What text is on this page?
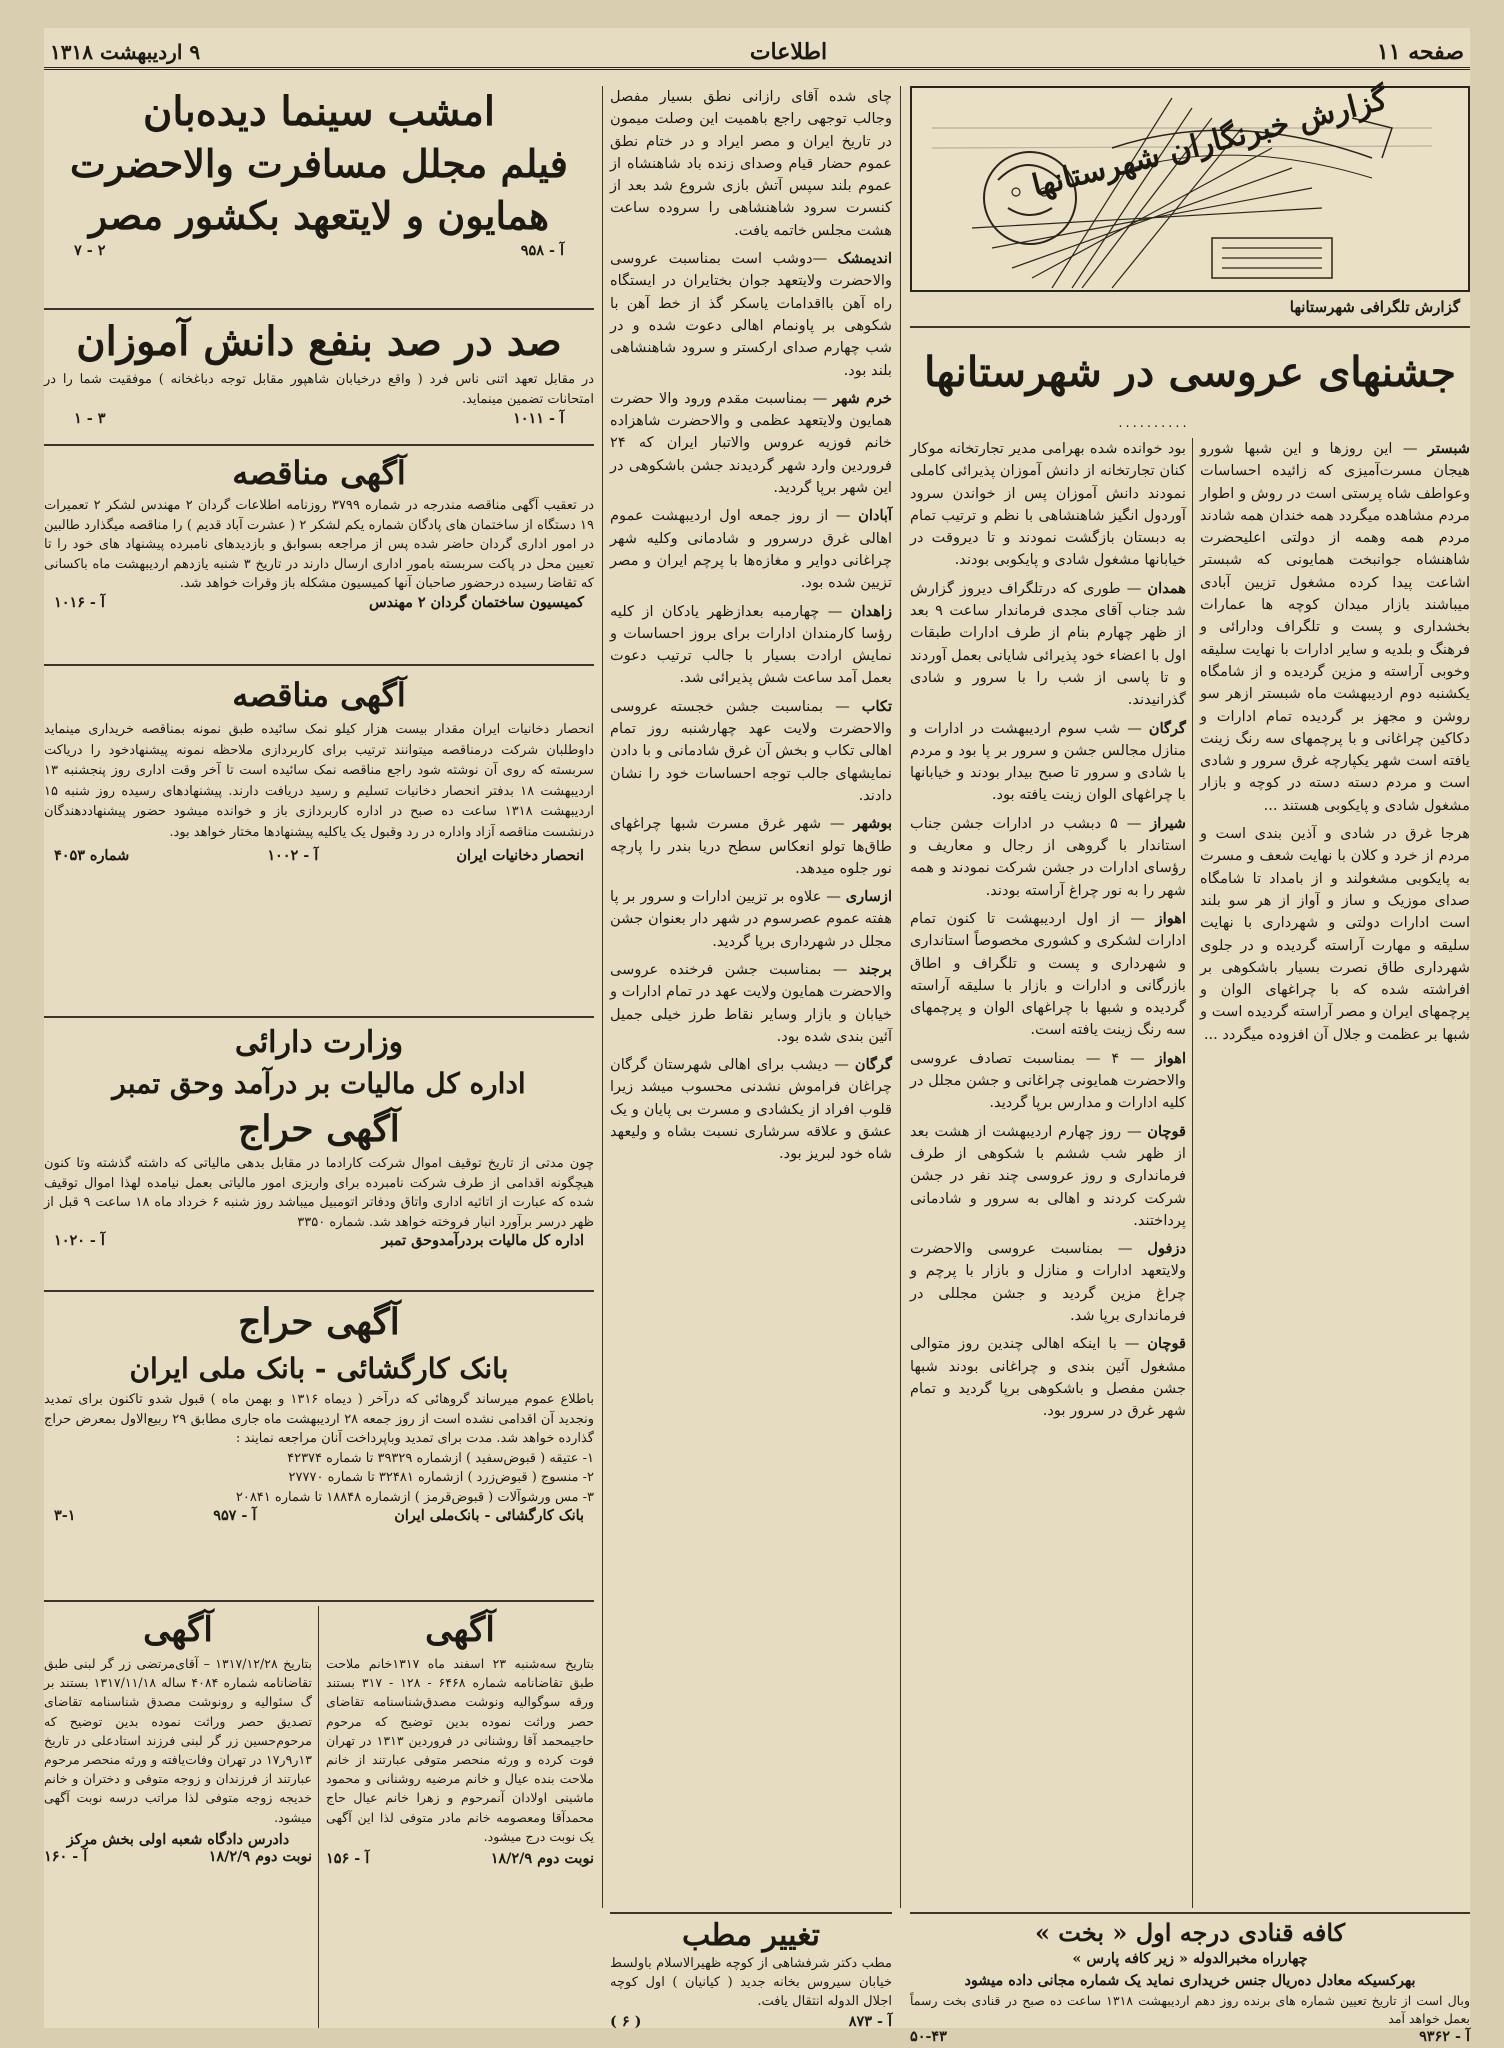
صفحه ۱۱
اطلاعات
۹ اردیبهشت ۱۳۱۸
گزارش خبرنگاران شهرستانها
گزارش تلگرافی شهرستانها
جشنهای عروسی در شهرستانها
..........

شبستر — این روزها و این شبها شورو هیجان مسرت‌آمیزی که زائیده احساسات وعواطف شاه پرستی است در روش و اطوار مردم مشاهده میگردد همه خندان همه شادند مردم همه وهمه از دولتی اعلیحضرت شاهنشاه جوانبخت همایونی که شبستر اشاعت پیدا کرده مشغول تزیین آبادی میباشند بازار میدان کوچه ها عمارات بخشداری و پست و تلگراف ودارائی و فرهنگ و بلدیه و سایر ادارات با نهایت سلیقه وخوبی آراسته و مزین گردیده و از شامگاه یکشنبه دوم اردیبهشت ماه شبستر ازهر سو روشن و مجهز بر گردیده تمام ادارات و دکاکین چراغانی و با پرچمهای سه رنگ زینت یافته است شهر یکپارچه غرق سرور و شادی است و مردم دسته دسته در کوچه و بازار مشغول شادی و پایکوبی هستند ...

هرجا غرق در شادی و آذین بندی است و مردم از خرد و کلان با نهایت شعف و مسرت به پایکوبی مشغولند و از بامداد تا شامگاه صدای موزیک و ساز و آواز از هر سو بلند است ادارات دولتی و شهرداری با نهایت سلیقه و مهارت آراسته گردیده و در جلوی شهرداری طاق نصرت بسیار باشکوهی بر افراشته شده که با چراغهای الوان و پرچمهای ایران و مصر آراسته گردیده است و شبها بر عظمت و جلال آن افزوده میگردد ...

بود خوانده شده بهرامی مدیر تجارتخانه موکار کنان تجارتخانه از دانش آموزان پذیرائی کاملی نمودند دانش آموزان پس از خواندن سرود آوردول انگیز شاهنشاهی با نظم و ترتیب تمام به دبستان بازگشت نمودند و تا دیروقت در خیابانها مشغول شادی و پایکوبی بودند.

همدان — طوری که درتلگراف دیروز گزارش شد جناب آقای مجدی فرماندار ساعت ۹ بعد از ظهر چهارم بنام از طرف ادارات طبقات اول با اعضاء خود پذیرائی شایانی بعمل آوردند و تا پاسی از شب را با سرور و شادی گذرانیدند.

گرگان — شب سوم اردیبهشت در ادارات و منازل مجالس جشن و سرور بر پا بود و مردم با شادی و سرور تا صبح بیدار بودند و خیابانها با چراغهای الوان زینت یافته بود.

شیراز — ۵ دبشب در ادارات جشن جناب استاندار با گروهی از رجال و معاریف و رؤسای ادارات در جشن شرکت نمودند و همه شهر را به نور چراغ آراسته بودند.

اهواز — از اول اردیبهشت تا کنون تمام ادارات لشکری و کشوری مخصوصاً استانداری و شهرداری و پست و تلگراف و اطاق بازرگانی و ادارات و بازار با سلیقه آراسته گردیده و شبها با چراغهای الوان و پرچمهای سه رنگ زینت یافته است.

اهواز — ۴ — بمناسبت تصادف عروسی والاحضرت همایونی چراغانی و جشن مجلل در کلیه ادارات و مدارس برپا گردید.

قوچان — روز چهارم اردیبهشت از هشت بعد از ظهر شب ششم با شکوهی از طرف فرمانداری و روز عروسی چند نفر در جشن شرکت کردند و اهالی به سرور و شادمانی پرداختند.

دزفول — بمناسبت عروسی والاحضرت ولایتعهد ادارات و منازل و بازار با پرچم و چراغ مزین گردید و جشن مجللی در فرمانداری برپا شد.

قوچان — با اینکه اهالی چندین روز متوالی مشغول آئین بندی و چراغانی بودند شبها جشن مفصل و باشکوهی برپا گردید و تمام شهر غرق در سرور بود.

چای شده آقای رازانی نطق بسیار مفصل وجالب توجهی راجع باهمیت این وصلت میمون در تاریخ ایران و مصر ایراد و در ختام نطق عموم حضار قیام وصدای زنده باد شاهنشاه از عموم بلند سپس آتش بازی شروع شد بعد از کنسرت سرود شاهنشاهی را سروده ساعت هشت مجلس خاتمه یافت.

اندیمشک —دوشب است بمناسبت عروسی والاحضرت ولایتعهد جوان بختایران در ایستگاه راه آهن بااقدامات یاسکر گذ از خط آهن با شکوهی بر پاونمام اهالی دعوت شده و در شب چهارم صدای ارکستر و سرود شاهنشاهی بلند بود.

خرم شهر — بمناسبت مقدم ورود والا حضرت همایون ولایتعهد عظمی و والاحضرت شاهزاده خانم فوزیه عروس والاتبار ایران که ۲۴ فروردین وارد شهر گردیدند جشن باشکوهی در این شهر برپا گردید.

آبادان — از روز جمعه اول اردیبهشت عموم اهالی غرق درسرور و شادمانی وکلیه شهر چراغانی دوایر و مغازه‌ها با پرچم ایران و مصر تزیین شده بود.

زاهدان — چهارمبه بعدازظهر یادکان از کلیه رؤسا کارمندان ادارات برای بروز احساسات و نمایش ارادت بسیار با جالب ترتیب دعوت بعمل آمد ساعت شش پذیرائی شد.

تکاب — بمناسبت جشن خجسته عروسی والاحضرت ولایت عهد چهارشنبه روز تمام اهالی تکاب و بخش آن غرق شادمانی و با دادن نمایشهای جالب توجه احساسات خود را نشان دادند.

بوشهر — شهر غرق مسرت شبها چراغهای طاق‌ها تولو انعکاس سطح دریا بندر را پارچه نور جلوه میدهد.

ازساری — علاوه بر تزیین ادارات و سرور بر پا هفته عموم عصرسوم در شهر دار بعنوان جشن مجلل در شهرداری برپا گردید.

برجند — بمناسبت جشن فرخنده عروسی والاحضرت همایون ولایت عهد در تمام ادارات و خیابان و بازار وسایر نقاط طرز خیلی جمیل آئین بندی شده بود.

گرگان — دیشب برای اهالی شهرستان گرگان چراغان فراموش نشدنی محسوب میشد زیرا قلوب افراد از یکشادی و مسرت بی پایان و یک عشق و علاقه سرشاری نسبت بشاه و ولیعهد شاه خود لبریز بود.

کافه قنادی درجه اول « بخت »
چهارراه مخبرالدوله « زیر کافه پارس »
بهرکسیکه معادل ده‌ریال جنس خریداری نماید یک شماره مجانی داده میشود
وبال است از تاریخ تعیین شماره های برنده روز دهم اردیبهشت ۱۳۱۸ ساعت ده صبح در قنادی بخت رسماً بعمل خواهد آمد
آ - ۹۳۶۲
۵۰-۴۳
تغییر مطب
مطب دکتر شرفشاهی از کوچه ظهیرالاسلام باولسط خیابان سیروس بخانه جدید ( کیانیان ) اول کوچه اجلال الدوله انتقال یافت.
آ - ۸۷۳
( ۶ )
امشب سینما دیده‌بان
فیلم مجلل مسافرت والاحضرت
همایون و لایتعهد بکشور مصر
آ - ۹۵۸
۲ - ۷
صد در صد بنفع دانش آموزان
در مقابل تعهد اتنی ناس فرد ( واقع درخیابان شاهپور مقابل توجه دباغخانه ) موفقیت شما را در امتحانات تضمین مینماید.
آ - ۱۰۱۱
۳ - ۱
آگهی مناقصه
در تعقیب آگهی مناقصه مندرجه در شماره ۳۷۹۹ روزنامه اطلاعات گردان ۲ مهندس لشکر ۲ تعمیرات ۱۹ دستگاه از ساختمان های پادگان شماره یکم لشکر ۲ ( عشرت آباد قدیم ) را مناقصه میگذارد طالبین در امور اداری گردان حاضر شده پس از مراجعه بسوابق و بازدیدهای نامبرده پیشنهاد های خود را تا تعیین محل در پاکت سربسته بامور اداری ارسال دارند در تاریخ ۳ شنبه یازدهم اردیبهشت ماه باکسانی که تقاضا رسیده درحضور صاحبان آنها کمیسیون مشکله باز وقرات خواهد شد.
کمیسیون ساختمان گردان ۲ مهندس
آ - ۱۰۱۶
آگهی مناقصه
انحصار دخانیات ایران مقدار بیست هزار کیلو نمک سائیده طبق نمونه بمناقصه خریداری مینماید داوطلبان شرکت درمناقصه میتوانند ترتیب برای کاربردازی ملاحظه نمونه پیشنهادخود را دریاکت سربسته که روی آن نوشته شود راجع مناقصه نمک سائیده است تا آخر وقت اداری روز پنجشنبه ۱۳ اردیبهشت ۱۸ بدفتر انحصار دخانیات تسلیم و رسید دریافت دارند. پیشنهادهای رسیده روز شنبه ۱۵ اردیبهشت ۱۳۱۸ ساعت ده صبح در اداره کاربردازی باز و خوانده میشود حضور پیشنهاددهندگان درنشست مناقصه آزاد واداره در رد وقبول یک یاکلیه پیشنهادها مختار خواهد بود.
انحصار دخانیات ایران
آ - ۱۰۰۲
شماره ۴۰۵۳
وزارت دارائی
اداره کل مالیات بر درآمد وحق تمبر
آگهی حراج
چون مدتی از تاریخ توقیف اموال شرکت کارادما در مقابل بدهی مالیاتی که داشته گذشته وتا کنون هیچگونه اقدامی از طرف شرکت نامبرده برای واریزی امور مالیاتی بعمل نیامده لهذا اموال توقیف شده که عبارت از اتاثیه اداری واتاق ودفاتر اتومبیل میباشد روز شنبه ۶ خرداد ماه ۱۸ ساعت ۹ قبل از ظهر درسر برآورد انبار فروخته خواهد شد. شماره ۳۳۵۰
اداره کل مالیات بردرآمدوحق تمبر
آ - ۱۰۲۰
آگهی حراج
بانک کارگشائی - بانک ملی ایران
باطلاع عموم میرساند گروهائی که درآخر ( دیماه ۱۳۱۶ و بهمن ماه ) قبول شدو تاکنون برای تمدید ونجدید آن اقدامی نشده است از روز جمعه ۲۸ اردیبهشت ماه جاری مطابق ۲۹ ربیع‌الاول بمعرض حراج گذارده خواهد شد. مدت برای تمدید وباپرداخت آنان مراجعه نمایند :
۱- عتیقه ( قبوض‌سفید ) ازشماره ۳۹۳۲۹ تا شماره ۴۲۳۷۴
۲- منسوج ( قبوض‌زرد ) ازشماره ۳۲۴۸۱ تا شماره ۲۷۷۷۰
۳- مس ورشوآلات ( قبوض‌قرمز ) ازشماره ۱۸۸۴۸ تا شماره ۲۰۸۴۱
بانک کارگشائی - بانک‌ملی ایران
آ - ۹۵۷
۳-۱
آگهی
بتاریخ سه‌شنبه ۲۳ اسفند ماه ۱۳۱۷خانم ملاحت طبق تقاضانامه شماره ۶۴۶۸ - ۱۲۸ - ۳۱۷ بستند ورقه سوگوالیه ونوشت مصدق‌شناسنامه تقاضای حصر وراثت نموده بدین توضیح که مرحوم حاجیمحمد آقا روشنانی در فروردین ۱۳۱۳ در تهران فوت کرده و ورثه منحصر متوفی عبارتند از خانم ملاحت بنده عیال و خانم مرضیه روشنانی و محمود ماشینی اولادان آنمرحوم و زهرا خانم عیال حاج محمدآقا ومعصومه خانم مادر متوفی لذا این آگهی یک نوبت درج میشود.
نوبت دوم ۱۸/۲/۹
آ - ۱۵۶
آگهی
بتاریخ ۱۳۱۷/۱۲/۲۸ – آقای‌مرتضی زر گر لبنی طبق تقاضانامه شماره ۴۰۸۴ ساله ۱۳۱۷/۱۱/۱۸ بستند بر گ سئوالیه و رونوشت مصدق شناسنامه تقاضای تصدیق حصر وراثت نموده بدین توضیح که مرحوم‌حسین زر گر لبنی فرزند استادعلی در تاریخ ۱۳ر۹ر۱۷ در تهران وفات‌یافته و ورثه منحصر مرحوم عبارتند از فرزندان و زوجه متوفی و دختران و خانم خدیجه زوجه متوفی لذا مراتب درسه نوبت آگهی میشود.
دادرس دادگاه شعبه اولی بخش مرکز
نوبت دوم ۱۸/۲/۹
آ - ۱۶۰
